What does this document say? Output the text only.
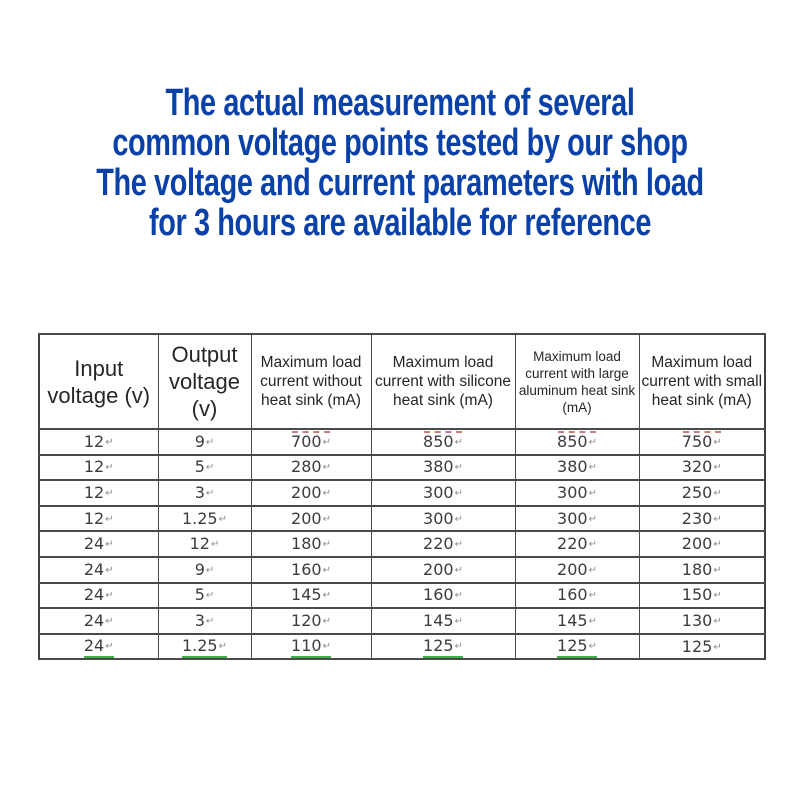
The actual measurement of several
common voltage points tested by our shop
The voltage and current parameters with load
for 3 hours are available for reference
Input voltage (v)	Output voltage (v)	Maximum load current without heat sink (mA)	Maximum load current with silicone heat sink (mA)	Maximum load current with large aluminum heat sink (mA)	Maximum load current with small heat sink (mA)
12↵	9↵	700↵	850↵	850↵	750↵
12↵	5↵	280↵	380↵	380↵	320↵
12↵	3↵	200↵	300↵	300↵	250↵
12↵	1.25↵	200↵	300↵	300↵	230↵
24↵	12↵	180↵	220↵	220↵	200↵
24↵	9↵	160↵	200↵	200↵	180↵
24↵	5↵	145↵	160↵	160↵	150↵
24↵	3↵	120↵	145↵	145↵	130↵
24↵	1.25↵	110↵	125↵	125↵	125↵
